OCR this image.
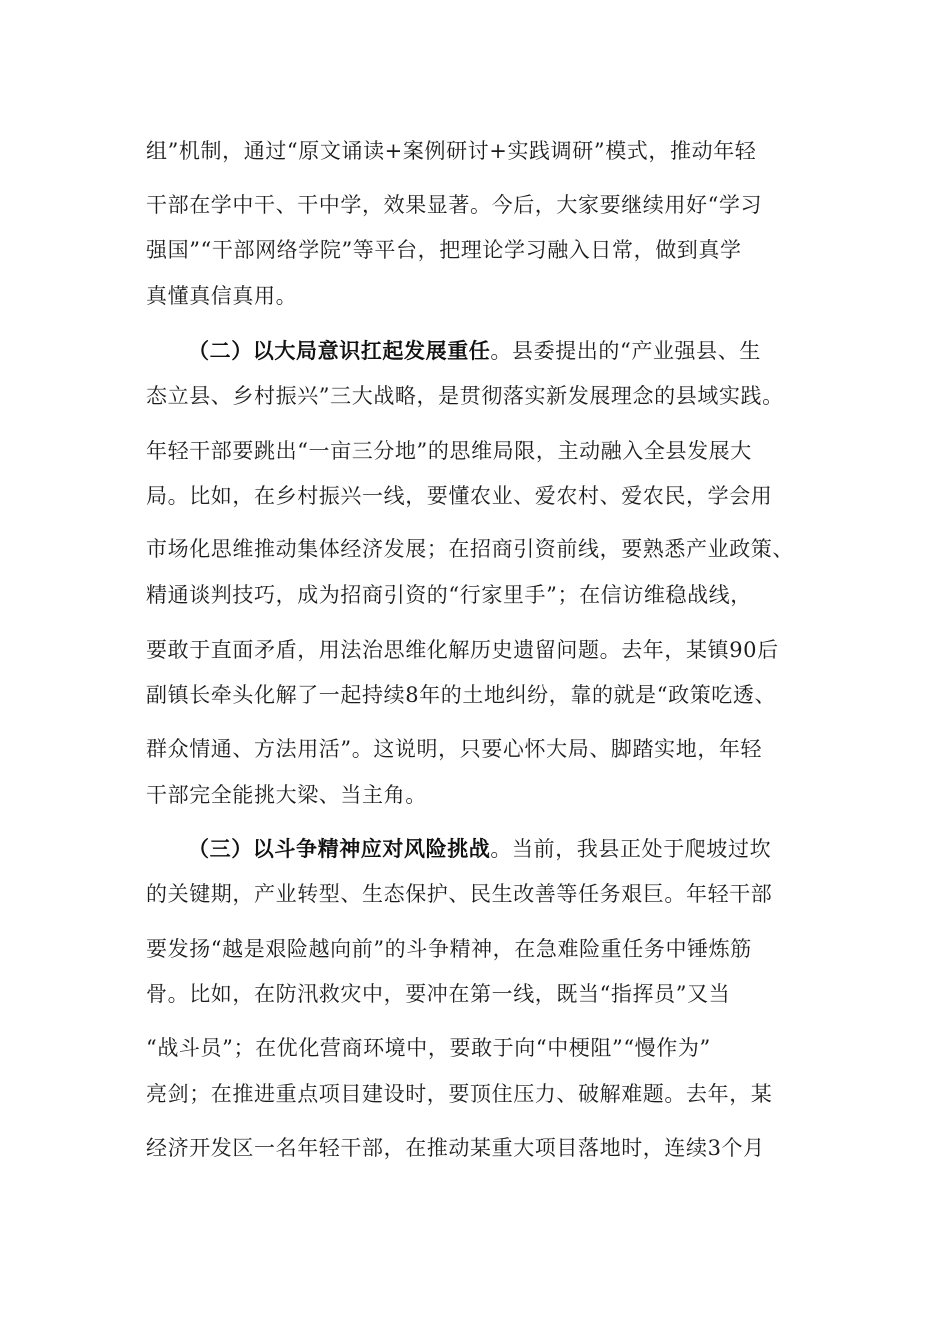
组”机制，通过“原文诵读+案例研讨+实践调研”模式，推动年轻
干部在学中干、干中学，效果显著。今后，大家要继续用好“学习
强国”“干部网络学院”等平台，把理论学习融入日常，做到真学
真懂真信真用。
（二）以大局意识扛起发展重任。县委提出的“产业强县、生
态立县、乡村振兴”三大战略，是贯彻落实新发展理念的县域实践。
年轻干部要跳出“一亩三分地”的思维局限，主动融入全县发展大
局。比如，在乡村振兴一线，要懂农业、爱农村、爱农民，学会用
市场化思维推动集体经济发展；在招商引资前线，要熟悉产业政策、
精通谈判技巧，成为招商引资的“行家里手”；在信访维稳战线，
要敢于直面矛盾，用法治思维化解历史遗留问题。去年，某镇90后
副镇长牵头化解了一起持续8年的土地纠纷，靠的就是“政策吃透、
群众情通、方法用活”。这说明，只要心怀大局、脚踏实地，年轻
干部完全能挑大梁、当主角。
（三）以斗争精神应对风险挑战。当前，我县正处于爬坡过坎
的关键期，产业转型、生态保护、民生改善等任务艰巨。年轻干部
要发扬“越是艰险越向前”的斗争精神，在急难险重任务中锤炼筋
骨。比如，在防汛救灾中，要冲在第一线，既当“指挥员”又当
“战斗员”；在优化营商环境中，要敢于向“中梗阻”“慢作为”
亮剑；在推进重点项目建设时，要顶住压力、破解难题。去年，某
经济开发区一名年轻干部，在推动某重大项目落地时，连续3个月
